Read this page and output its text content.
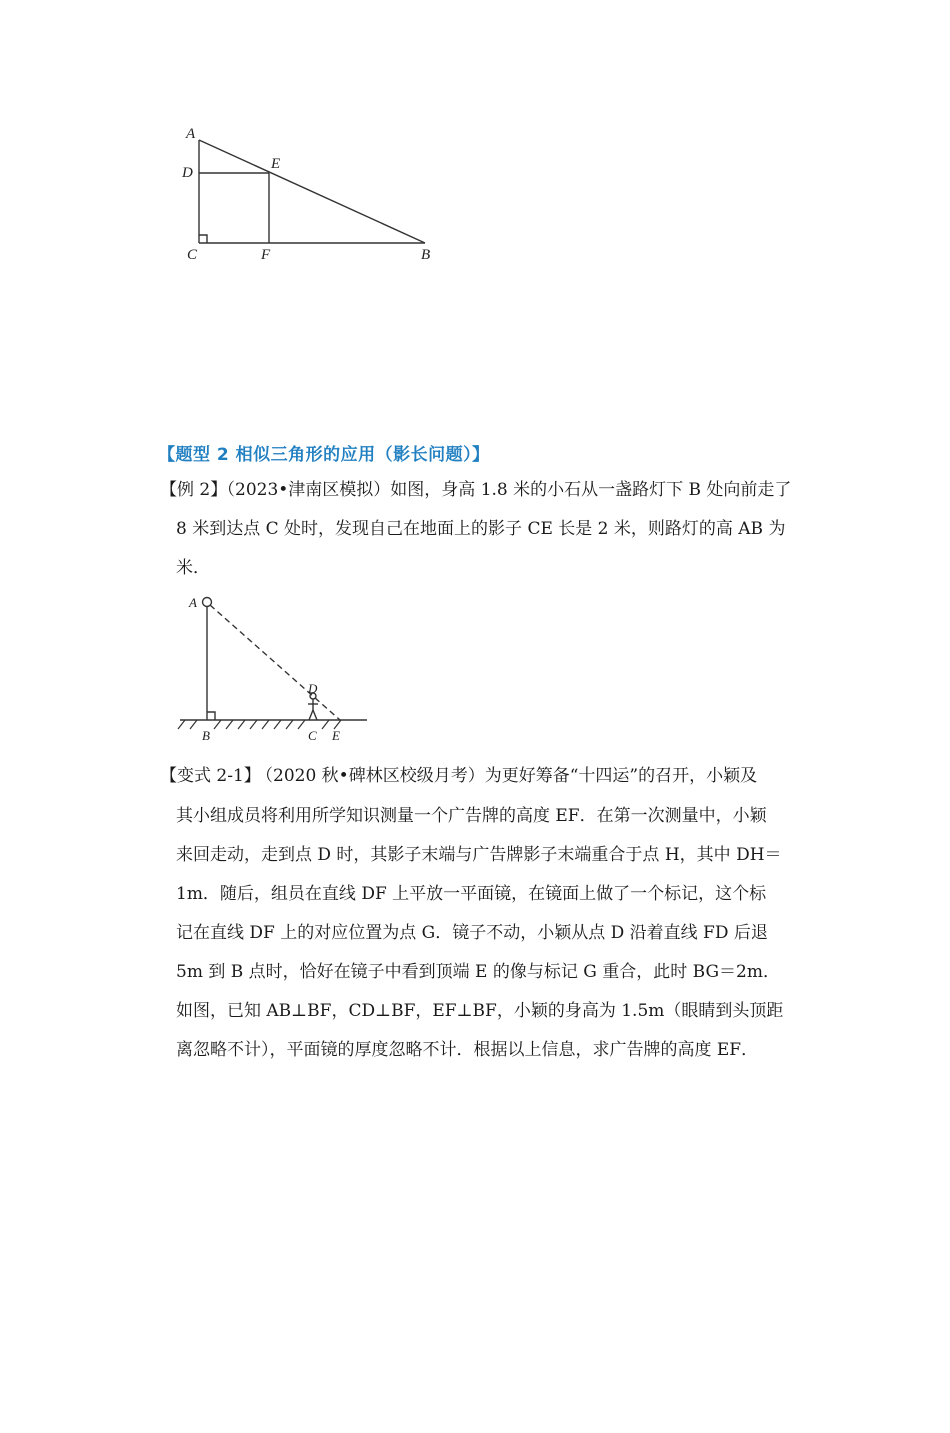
A
D
E
C	F	B
【题型 2 相似三角形的应用（影长问题）】
【例 2】
（2023•津南区模拟）如图，身高 1.8 米的小石从一盏路灯下 B 处向前走了
8 米到达点 C 处时，发现自己在地面上的影子 CE 长是 2 米，则路灯的高 AB 为
米．
A
D
B	C E
【变式 2-1】
（2020 秋•碑林区校级月考）为更好筹备“十四运”的召开，小颖及
其小组成员将利用所学知识测量一个广告牌的高度 EF．在第一次测量中，小颖
来回走动，走到点 D 时，其影子末端与广告牌影子末端重合于点 H，其中 DH＝
1m．随后，组员在直线 DF 上平放一平面镜，在镜面上做了一个标记，这个标
记在直线 DF 上的对应位置为点 G．镜子不动，小颖从点 D 沿着直线 FD 后退
5m 到 B 点时，恰好在镜子中看到顶端 E 的像与标记 G 重合，此时 BG＝2m．
如图，已知 AB⊥BF，CD⊥BF，EF⊥BF，小颖的身高为 1.5m（眼睛到头顶距
离忽略不计），平面镜的厚度忽略不计．根据以上信息，求广告牌的高度 EF．
